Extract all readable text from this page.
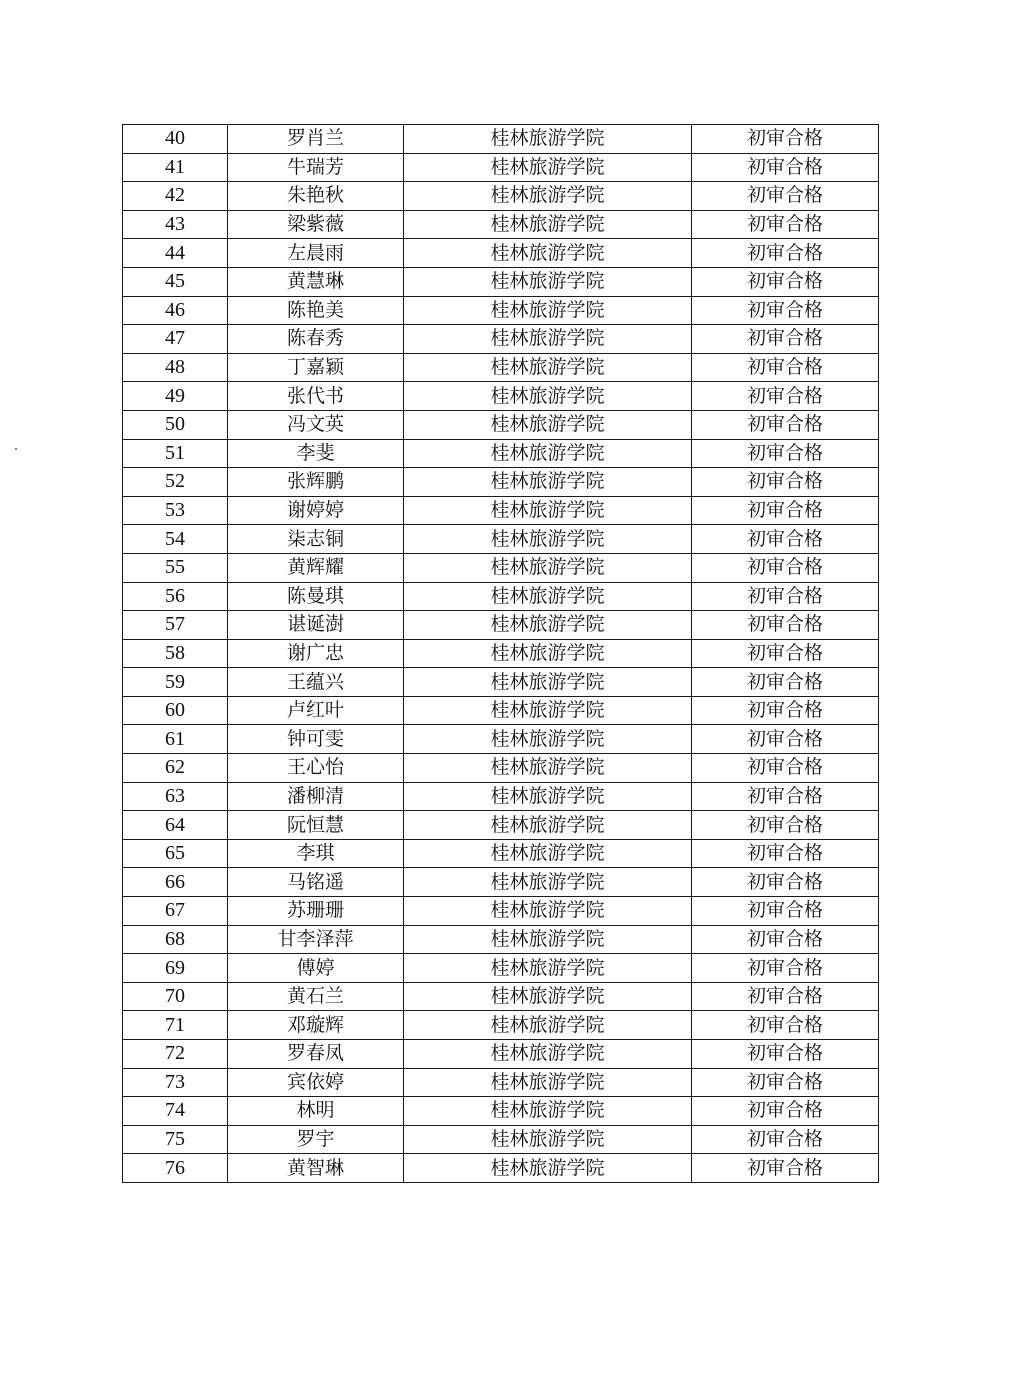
40	罗肖兰	桂林旅游学院	初审合格
41	牛瑞芳	桂林旅游学院	初审合格
42	朱艳秋	桂林旅游学院	初审合格
43	梁紫薇	桂林旅游学院	初审合格
44	左晨雨	桂林旅游学院	初审合格
45	黄慧琳	桂林旅游学院	初审合格
46	陈艳美	桂林旅游学院	初审合格
47	陈春秀	桂林旅游学院	初审合格
48	丁嘉颖	桂林旅游学院	初审合格
49	张代书	桂林旅游学院	初审合格
50	冯文英	桂林旅游学院	初审合格
51	李斐	桂林旅游学院	初审合格
52	张辉鹏	桂林旅游学院	初审合格
53	谢婷婷	桂林旅游学院	初审合格
54	柒志铜	桂林旅游学院	初审合格
55	黄辉耀	桂林旅游学院	初审合格
56	陈曼琪	桂林旅游学院	初审合格
57	谌诞澍	桂林旅游学院	初审合格
58	谢广忠	桂林旅游学院	初审合格
59	王蕴兴	桂林旅游学院	初审合格
60	卢红叶	桂林旅游学院	初审合格
61	钟可雯	桂林旅游学院	初审合格
62	王心怡	桂林旅游学院	初审合格
63	潘柳清	桂林旅游学院	初审合格
64	阮恒慧	桂林旅游学院	初审合格
65	李琪	桂林旅游学院	初审合格
66	马铭遥	桂林旅游学院	初审合格
67	苏珊珊	桂林旅游学院	初审合格
68	甘李泽萍	桂林旅游学院	初审合格
69	傅婷	桂林旅游学院	初审合格
70	黄石兰	桂林旅游学院	初审合格
71	邓璇辉	桂林旅游学院	初审合格
72	罗春凤	桂林旅游学院	初审合格
73	宾依婷	桂林旅游学院	初审合格
74	林明	桂林旅游学院	初审合格
75	罗宇	桂林旅游学院	初审合格
76	黄智琳	桂林旅游学院	初审合格
